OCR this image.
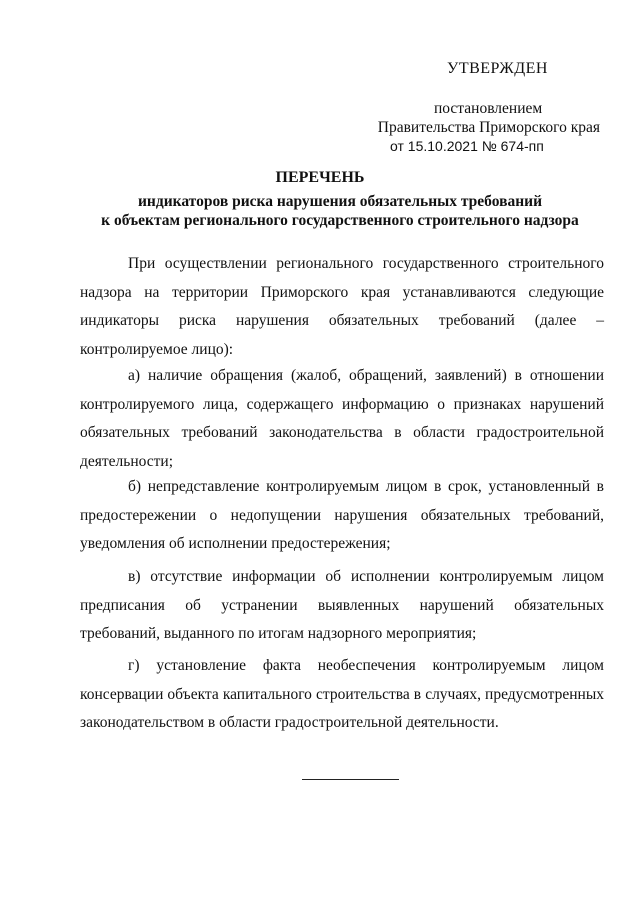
УТВЕРЖДЕН
постановлением
Правительства Приморского края
от 15.10.2021 № 674-пп
ПЕРЕЧЕНЬ
индикаторов риска нарушения обязательных требований
к объектам регионального государственного строительного надзора

При осуществлении регионального государственного строительного надзора на территории Приморского края устанавливаются следующие индикаторы риска нарушения обязательных требований (далее – контролируемое лицо):

а) наличие обращения (жалоб, обращений, заявлений) в отношении контролируемого лица, содержащего информацию о признаках нарушений обязательных требований законодательства в области градостроительной деятельности;

б) непредставление контролируемым лицом в срок, установленный в предостережении о недопущении нарушения обязательных требований, уведомления об исполнении предостережения;

в) отсутствие информации об исполнении контролируемым лицом предписания об устранении выявленных нарушений обязательных требований, выданного по итогам надзорного мероприятия;

г) установление факта необеспечения контролируемым лицом консервации объекта капитального строительства в случаях, предусмотренных законодательством в области градостроительной деятельности.
